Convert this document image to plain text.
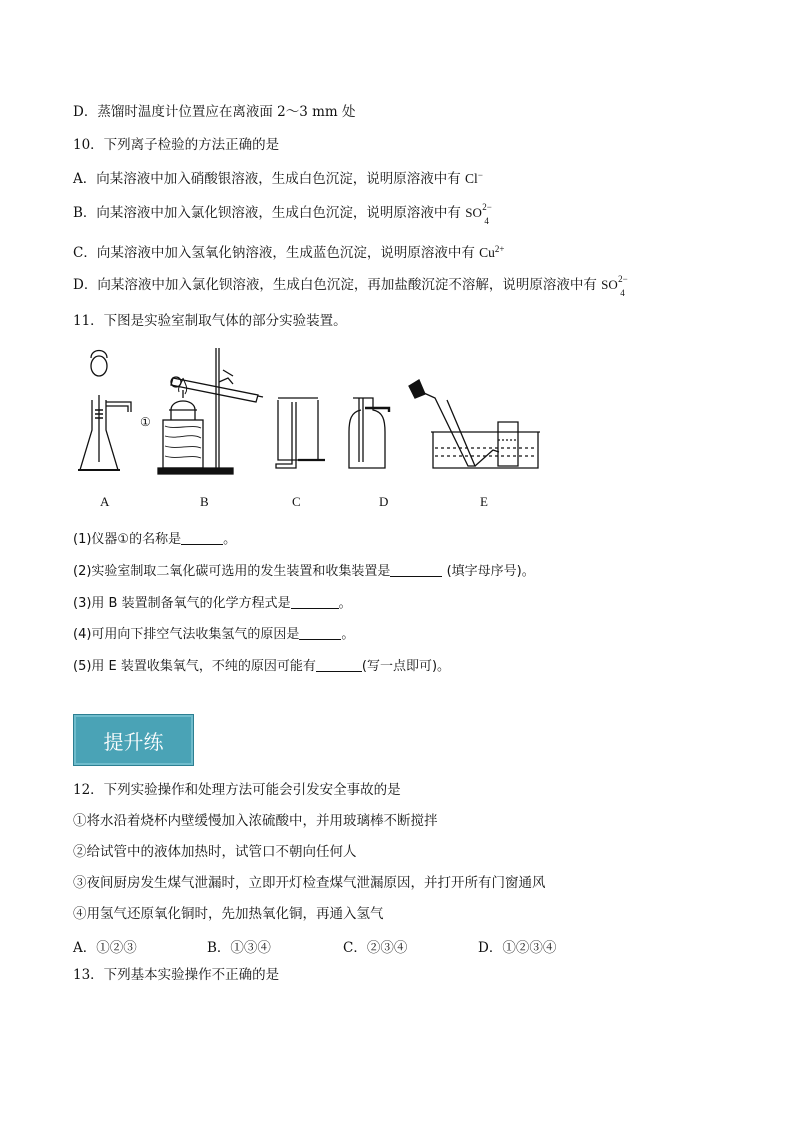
D．蒸馏时温度计位置应在离液面 2～3 mm 处
10．下列离子检验的方法正确的是
A．向某溶液中加入硝酸银溶液，生成白色沉淀，说明原溶液中有 Cl−
B．向某溶液中加入氯化钡溶液，生成白色沉淀，说明原溶液中有 SO 2−
4
C．向某溶液中加入氢氧化钠溶液，生成蓝色沉淀，说明原溶液中有 $Cu^{2+}$
D．向某溶液中加入氯化钡溶液，生成白色沉淀，再加盐酸沉淀不溶解，说明原溶液中有 SO 2−
4
11．下图是实验室制取气体的部分实验装置。
①
A	B	C	D	E
(1)仪器①的名称是	。
(2)实验室制取二氧化碳可选用的发生装置和收集装置是	(填字母序号)。
(3)用 B 装置制备氧气的化学方程式是	。
(4)可用向下排空气法收集氢气的原因是	。
(5)用 E 装置收集氧气，不纯的原因可能有	(写一点即可)。
提升练
12．下列实验操作和处理方法可能会引发安全事故的是
①将水沿着烧杯内壁缓慢加入浓硫酸中，并用玻璃棒不断搅拌
②给试管中的液体加热时，试管口不朝向任何人
③夜间厨房发生煤气泄漏时，立即开灯检查煤气泄漏原因，并打开所有门窗通风
④用氢气还原氧化铜时，先加热氧化铜，再通入氢气
A．①②③	B．①③④	C．②③④	D．①②③④
13．下列基本实验操作不正确的是
